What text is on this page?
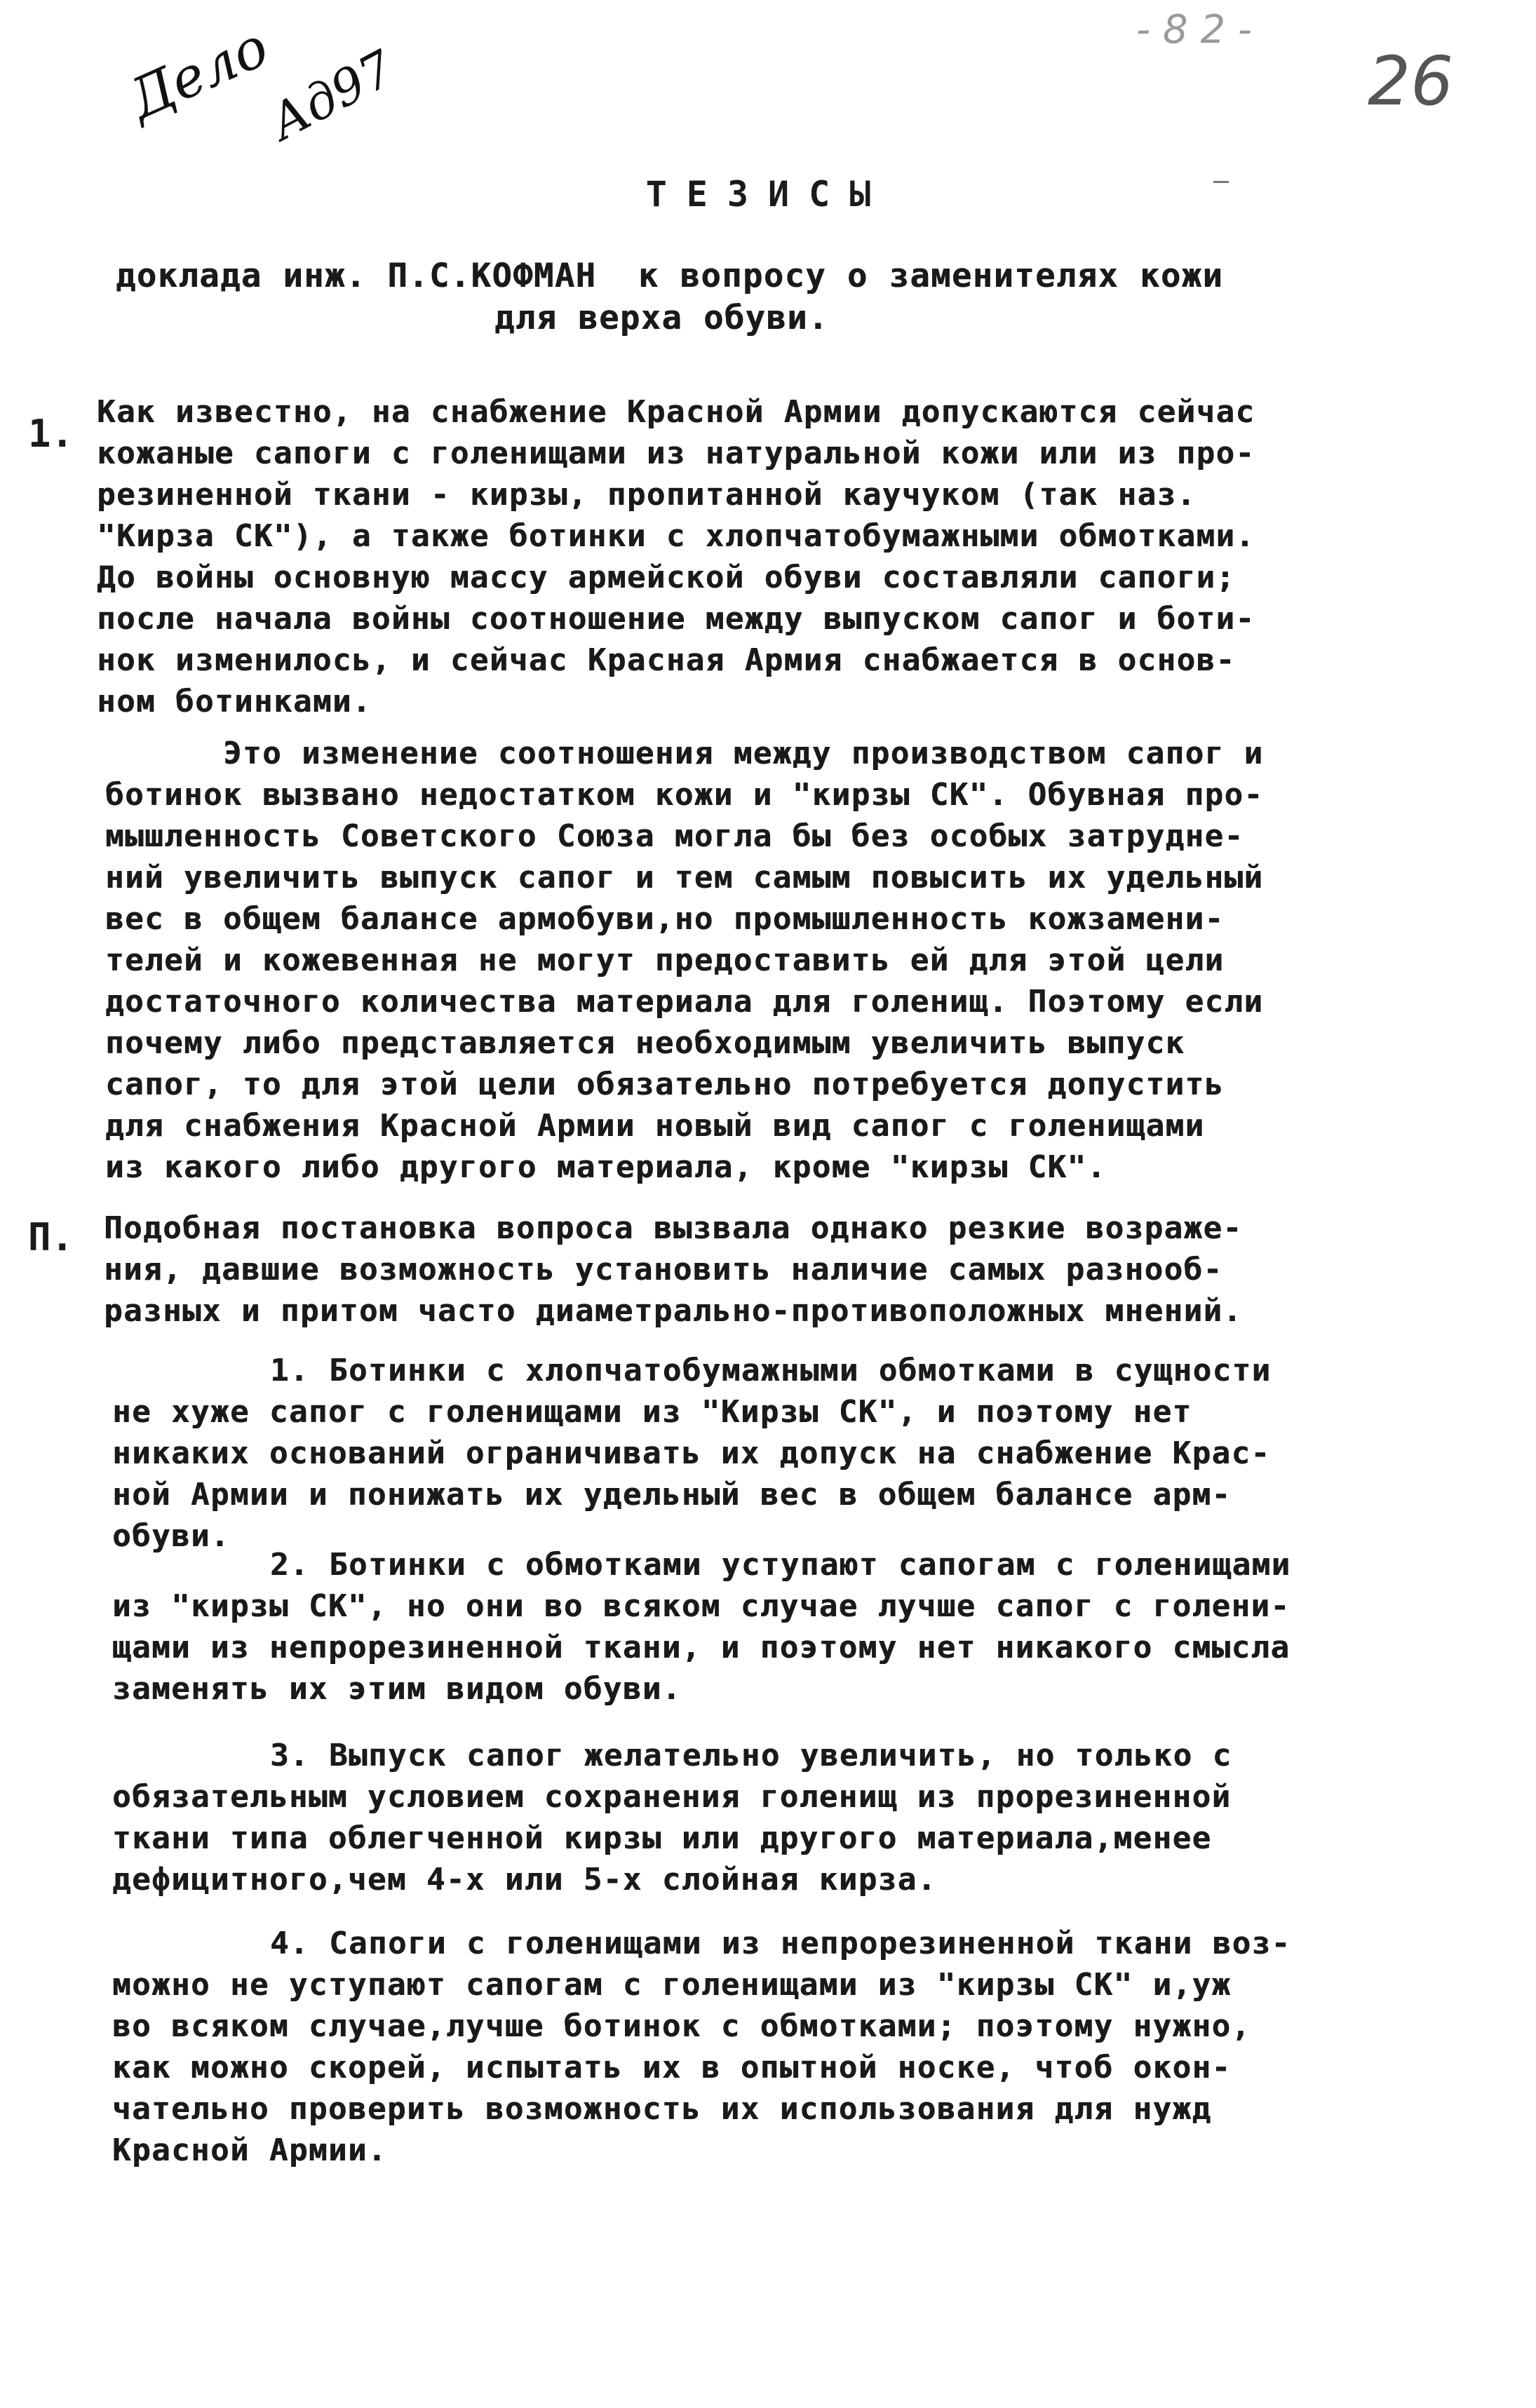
Дело
Ад97
- 8 2 -
26
ТЕЗИСЫ
доклада инж. П.С.КОФМАН  к вопросу о заменителях кожи
для верха обуви.
1. Как известно, на снабжение Красной Армии допускаются сейчас
кожаные сапоги с голенищами из натуральной кожи или из про-
резиненной ткани - кирзы, пропитанной каучуком (так наз.
"Кирза СК"), а также ботинки с хлопчатобумажными обмотками.
До войны основную массу армейской обуви составляли сапоги;
после начала войны соотношение между выпуском сапог и боти-
нок изменилось, и сейчас Красная Армия снабжается в основ-
ном ботинками.
Это изменение соотношения между производством сапог и
ботинок вызвано недостатком кожи и "кирзы СК". Обувная про-
мышленность Советского Союза могла бы без особых затрудне-
ний увеличить выпуск сапог и тем самым повысить их удельный
вес в общем балансе армобуви,но промышленность кожзамени-
телей и кожевенная не могут предоставить ей для этой цели
достаточного количества материала для голенищ. Поэтому если
почему либо представляется необходимым увеличить выпуск
сапог, то для этой цели обязательно потребуется допустить
для снабжения Красной Армии новый вид сапог с голенищами
из какого либо другого материала, кроме "кирзы СК".
П. Подобная постановка вопроса вызвала однако резкие возраже-
ния, давшие возможность установить наличие самых разнооб-
разных и притом часто диаметрально-противоположных мнений.
1. Ботинки с хлопчатобумажными обмотками в сущности
не хуже сапог с голенищами из "Кирзы СК", и поэтому нет
никаких оснований ограничивать их допуск на снабжение Крас-
ной Армии и понижать их удельный вес в общем балансе арм-
обуви.
2. Ботинки с обмотками уступают сапогам с голенищами
из "кирзы СК", но они во всяком случае лучше сапог с голени-
щами из непрорезиненной ткани, и поэтому нет никакого смысла
заменять их этим видом обуви.
3. Выпуск сапог желательно увеличить, но только с
обязательным условием сохранения голенищ из прорезиненной
ткани типа облегченной кирзы или другого материала,менее
дефицитного,чем 4-х или 5-х слойная кирза.
4. Сапоги с голенищами из непрорезиненной ткани воз-
можно не уступают сапогам с голенищами из "кирзы СК" и,уж
во всяком случае,лучше ботинок с обмотками; поэтому нужно,
как можно скорей, испытать их в опытной носке, чтоб окон-
чательно проверить возможность их использования для нужд
Красной Армии.
